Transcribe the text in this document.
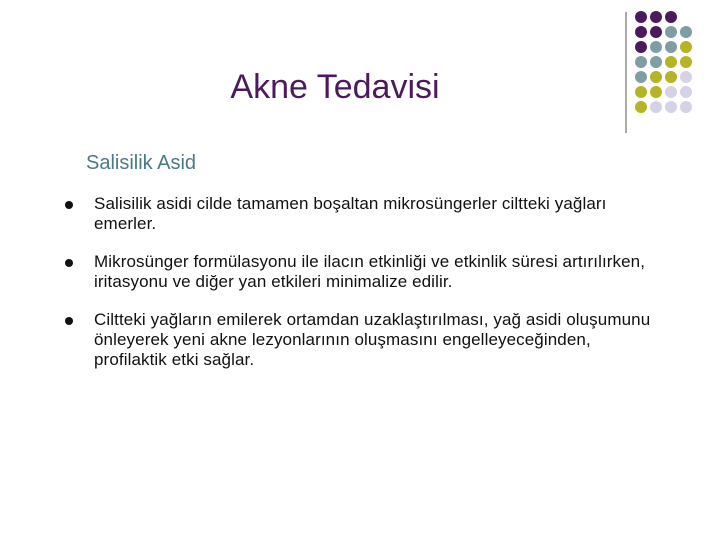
Akne Tedavisi
Salisilik Asid
Salisilik asidi cilde tamamen boşaltan mikrosüngerler ciltteki yağları emerler.
Mikrosünger formülasyonu ile ilacın etkinliği ve etkinlik süresi artırılırken, iritasyonu ve diğer yan etkileri minimalize edilir.
Ciltteki yağların emilerek ortamdan uzaklaştırılması, yağ asidi oluşumunu önleyerek yeni akne lezyonlarının oluşmasını engelleyeceğinden, profilaktik etki sağlar.
